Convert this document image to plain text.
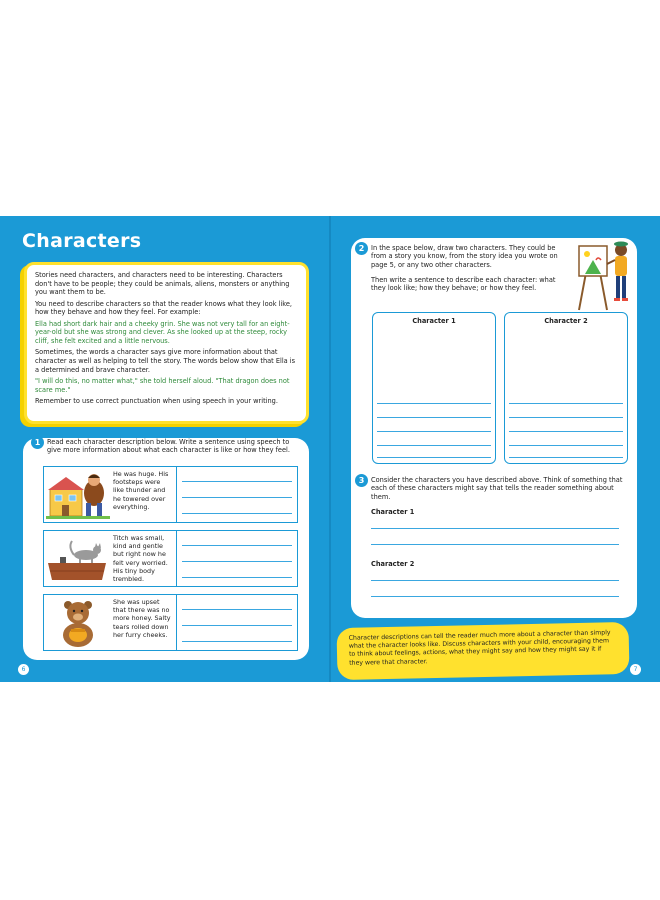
Characters

Stories need characters, and characters need to be interesting. Characters don't have to be people; they could be animals, aliens, monsters or anything you want them to be.

You need to describe characters so that the reader knows what they look like, how they behave and how they feel. For example:

Ella had short dark hair and a cheeky grin. She was not very tall for an eight-year-old but she was strong and clever. As she looked up at the steep, rocky cliff, she felt excited and a little nervous.

Sometimes, the words a character says give more information about that character as well as helping to tell the story. The words below show that Ella is a determined and brave character.

"I will do this, no matter what," she told herself aloud. "That dragon does not scare me."

Remember to use correct punctuation when using speech in your writing.

1	Read each character description below. Write a sentence using speech to give more information about what each character is like or how they feel.
He was huge. His footsteps were like thunder and he towered over everything.
Titch was small, kind and gentle but right now he felt very worried. His tiny body trembled.
She was upset that there was no more honey. Salty tears rolled down her furry cheeks.
6
2	In the space below, draw two characters. They could be from a story you know, from the story idea you wrote on page 5, or any two other characters.
Then write a sentence to describe each character: what they look like; how they behave; or how they feel.
Character 1	Character 2
3	Consider the characters you have described above. Think of something that each of these characters might say that tells the reader something about them.
Character 1
Character 2
Character descriptions can tell the reader much more about a character than simply what the character looks like. Discuss characters with your child, encouraging them to think about feelings, actions, what they might say and how they might say it if they were that character.
7
